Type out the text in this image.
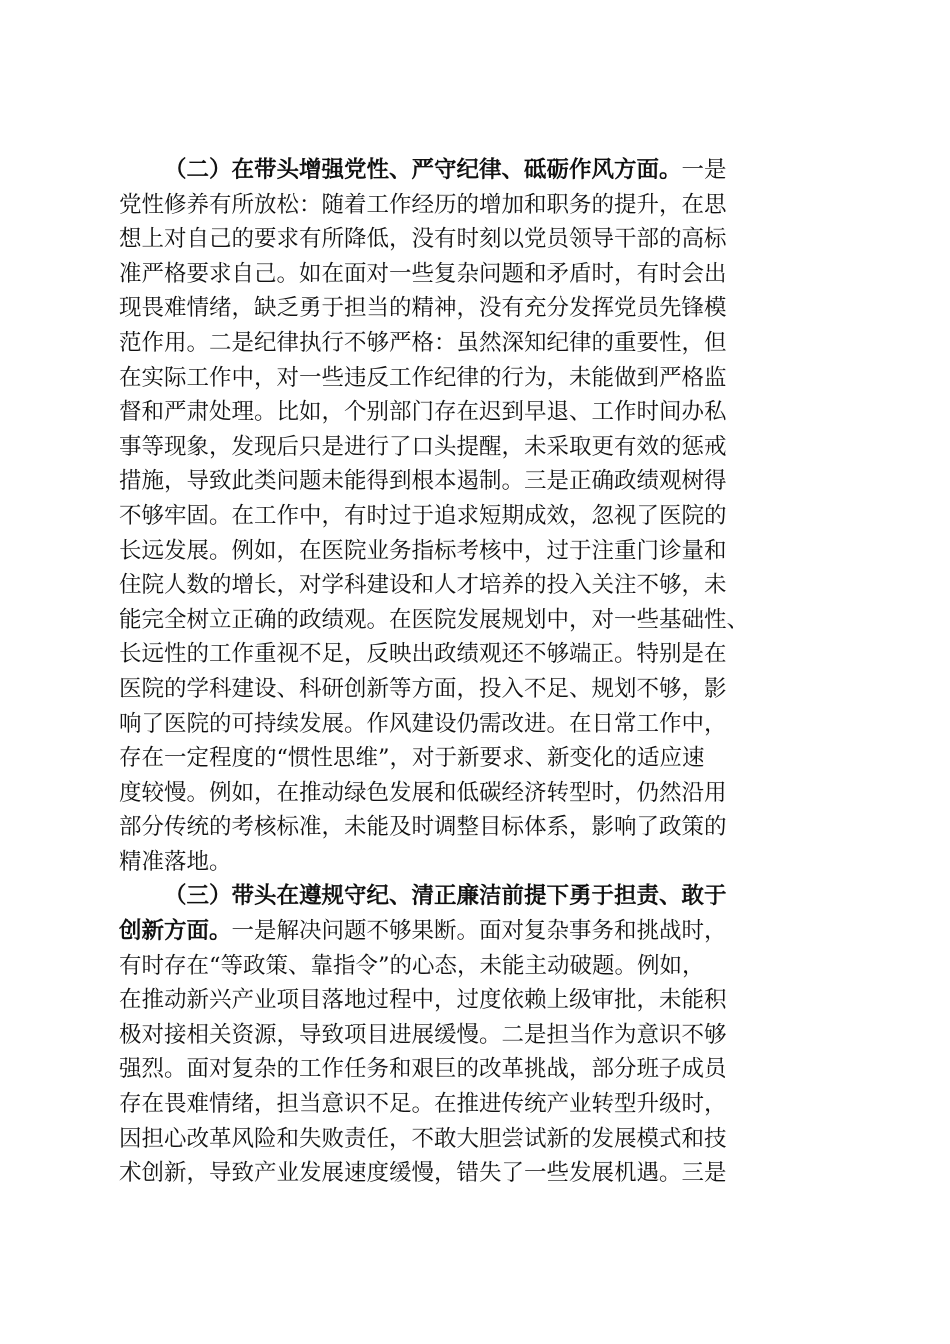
（二）在带头增强党性、严守纪律、砥砺作风方面。一是
党性修养有所放松：随着工作经历的增加和职务的提升，在思
想上对自己的要求有所降低，没有时刻以党员领导干部的高标
准严格要求自己。如在面对一些复杂问题和矛盾时，有时会出
现畏难情绪，缺乏勇于担当的精神，没有充分发挥党员先锋模
范作用。二是纪律执行不够严格：虽然深知纪律的重要性，但
在实际工作中，对一些违反工作纪律的行为，未能做到严格监
督和严肃处理。比如，个别部门存在迟到早退、工作时间办私
事等现象，发现后只是进行了口头提醒，未采取更有效的惩戒
措施，导致此类问题未能得到根本遏制。三是正确政绩观树得
不够牢固。在工作中，有时过于追求短期成效，忽视了医院的
长远发展。例如，在医院业务指标考核中，过于注重门诊量和
住院人数的增长，对学科建设和人才培养的投入关注不够，未
能完全树立正确的政绩观。在医院发展规划中，对一些基础性、
长远性的工作重视不足，反映出政绩观还不够端正。特别是在
医院的学科建设、科研创新等方面，投入不足、规划不够，影
响了医院的可持续发展。作风建设仍需改进。在日常工作中，
存在一定程度的“惯性思维”，对于新要求、新变化的适应速
度较慢。例如，在推动绿色发展和低碳经济转型时，仍然沿用
部分传统的考核标准，未能及时调整目标体系，影响了政策的
精准落地。
（三）带头在遵规守纪、清正廉洁前提下勇于担责、敢于
创新方面。一是解决问题不够果断。面对复杂事务和挑战时，
有时存在“等政策、靠指令”的心态，未能主动破题。例如，
在推动新兴产业项目落地过程中，过度依赖上级审批，未能积
极对接相关资源，导致项目进展缓慢。二是担当作为意识不够
强烈。面对复杂的工作任务和艰巨的改革挑战，部分班子成员
存在畏难情绪，担当意识不足。在推进传统产业转型升级时，
因担心改革风险和失败责任，不敢大胆尝试新的发展模式和技
术创新，导致产业发展速度缓慢，错失了一些发展机遇。三是
